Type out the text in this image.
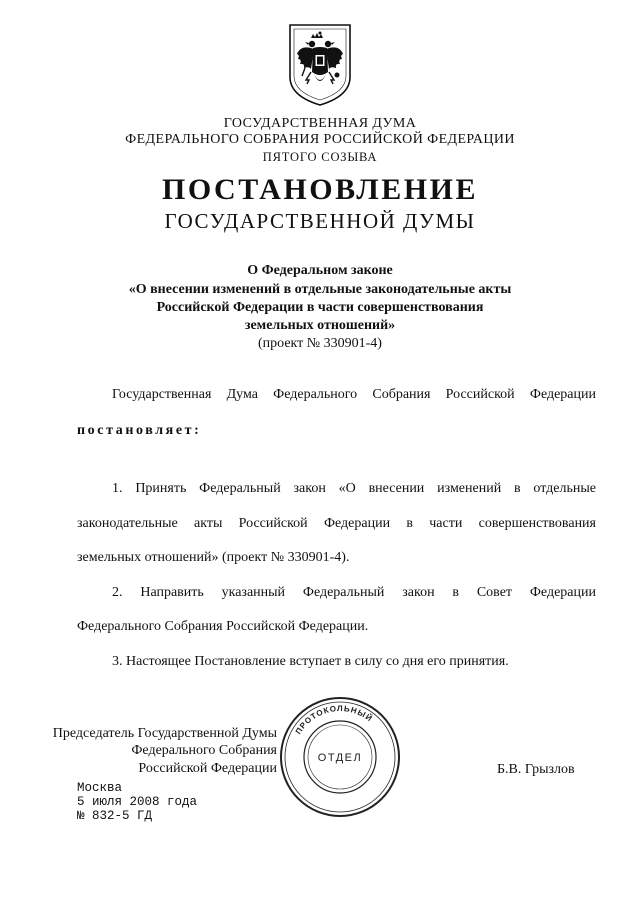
ГОСУДАРСТВЕННАЯ ДУМА
ФЕДЕРАЛЬНОГО СОБРАНИЯ РОССИЙСКОЙ ФЕДЕРАЦИИ
ПЯТОГО СОЗЫВА
ПОСТАНОВЛЕНИЕ
ГОСУДАРСТВЕННОЙ ДУМЫ
О Федеральном законе
«О внесении изменений в отдельные законодательные акты
Российской Федерации в части совершенствования
земельных отношений»
(проект № 330901-4)
Государственная Дума Федерального Собрания Российской Федерации
постановляет:
1. Принять Федеральный закон «О внесении изменений в отдельные
законодательные акты Российской Федерации в части совершенствования
земельных отношений» (проект № 330901-4).
2. Направить указанный Федеральный закон в Совет Федерации
Федерального Собрания Российской Федерации.
3. Настоящее Постановление вступает в силу со дня его принятия.
Председатель Государственной Думы
Федерального Собрания
Российской Федерации	Б.В. Грызлов
ПРОТОКОЛЬНЫЙ
ОТДЕЛ
Москва
5 июля 2008 года
№ 832-5 ГД
